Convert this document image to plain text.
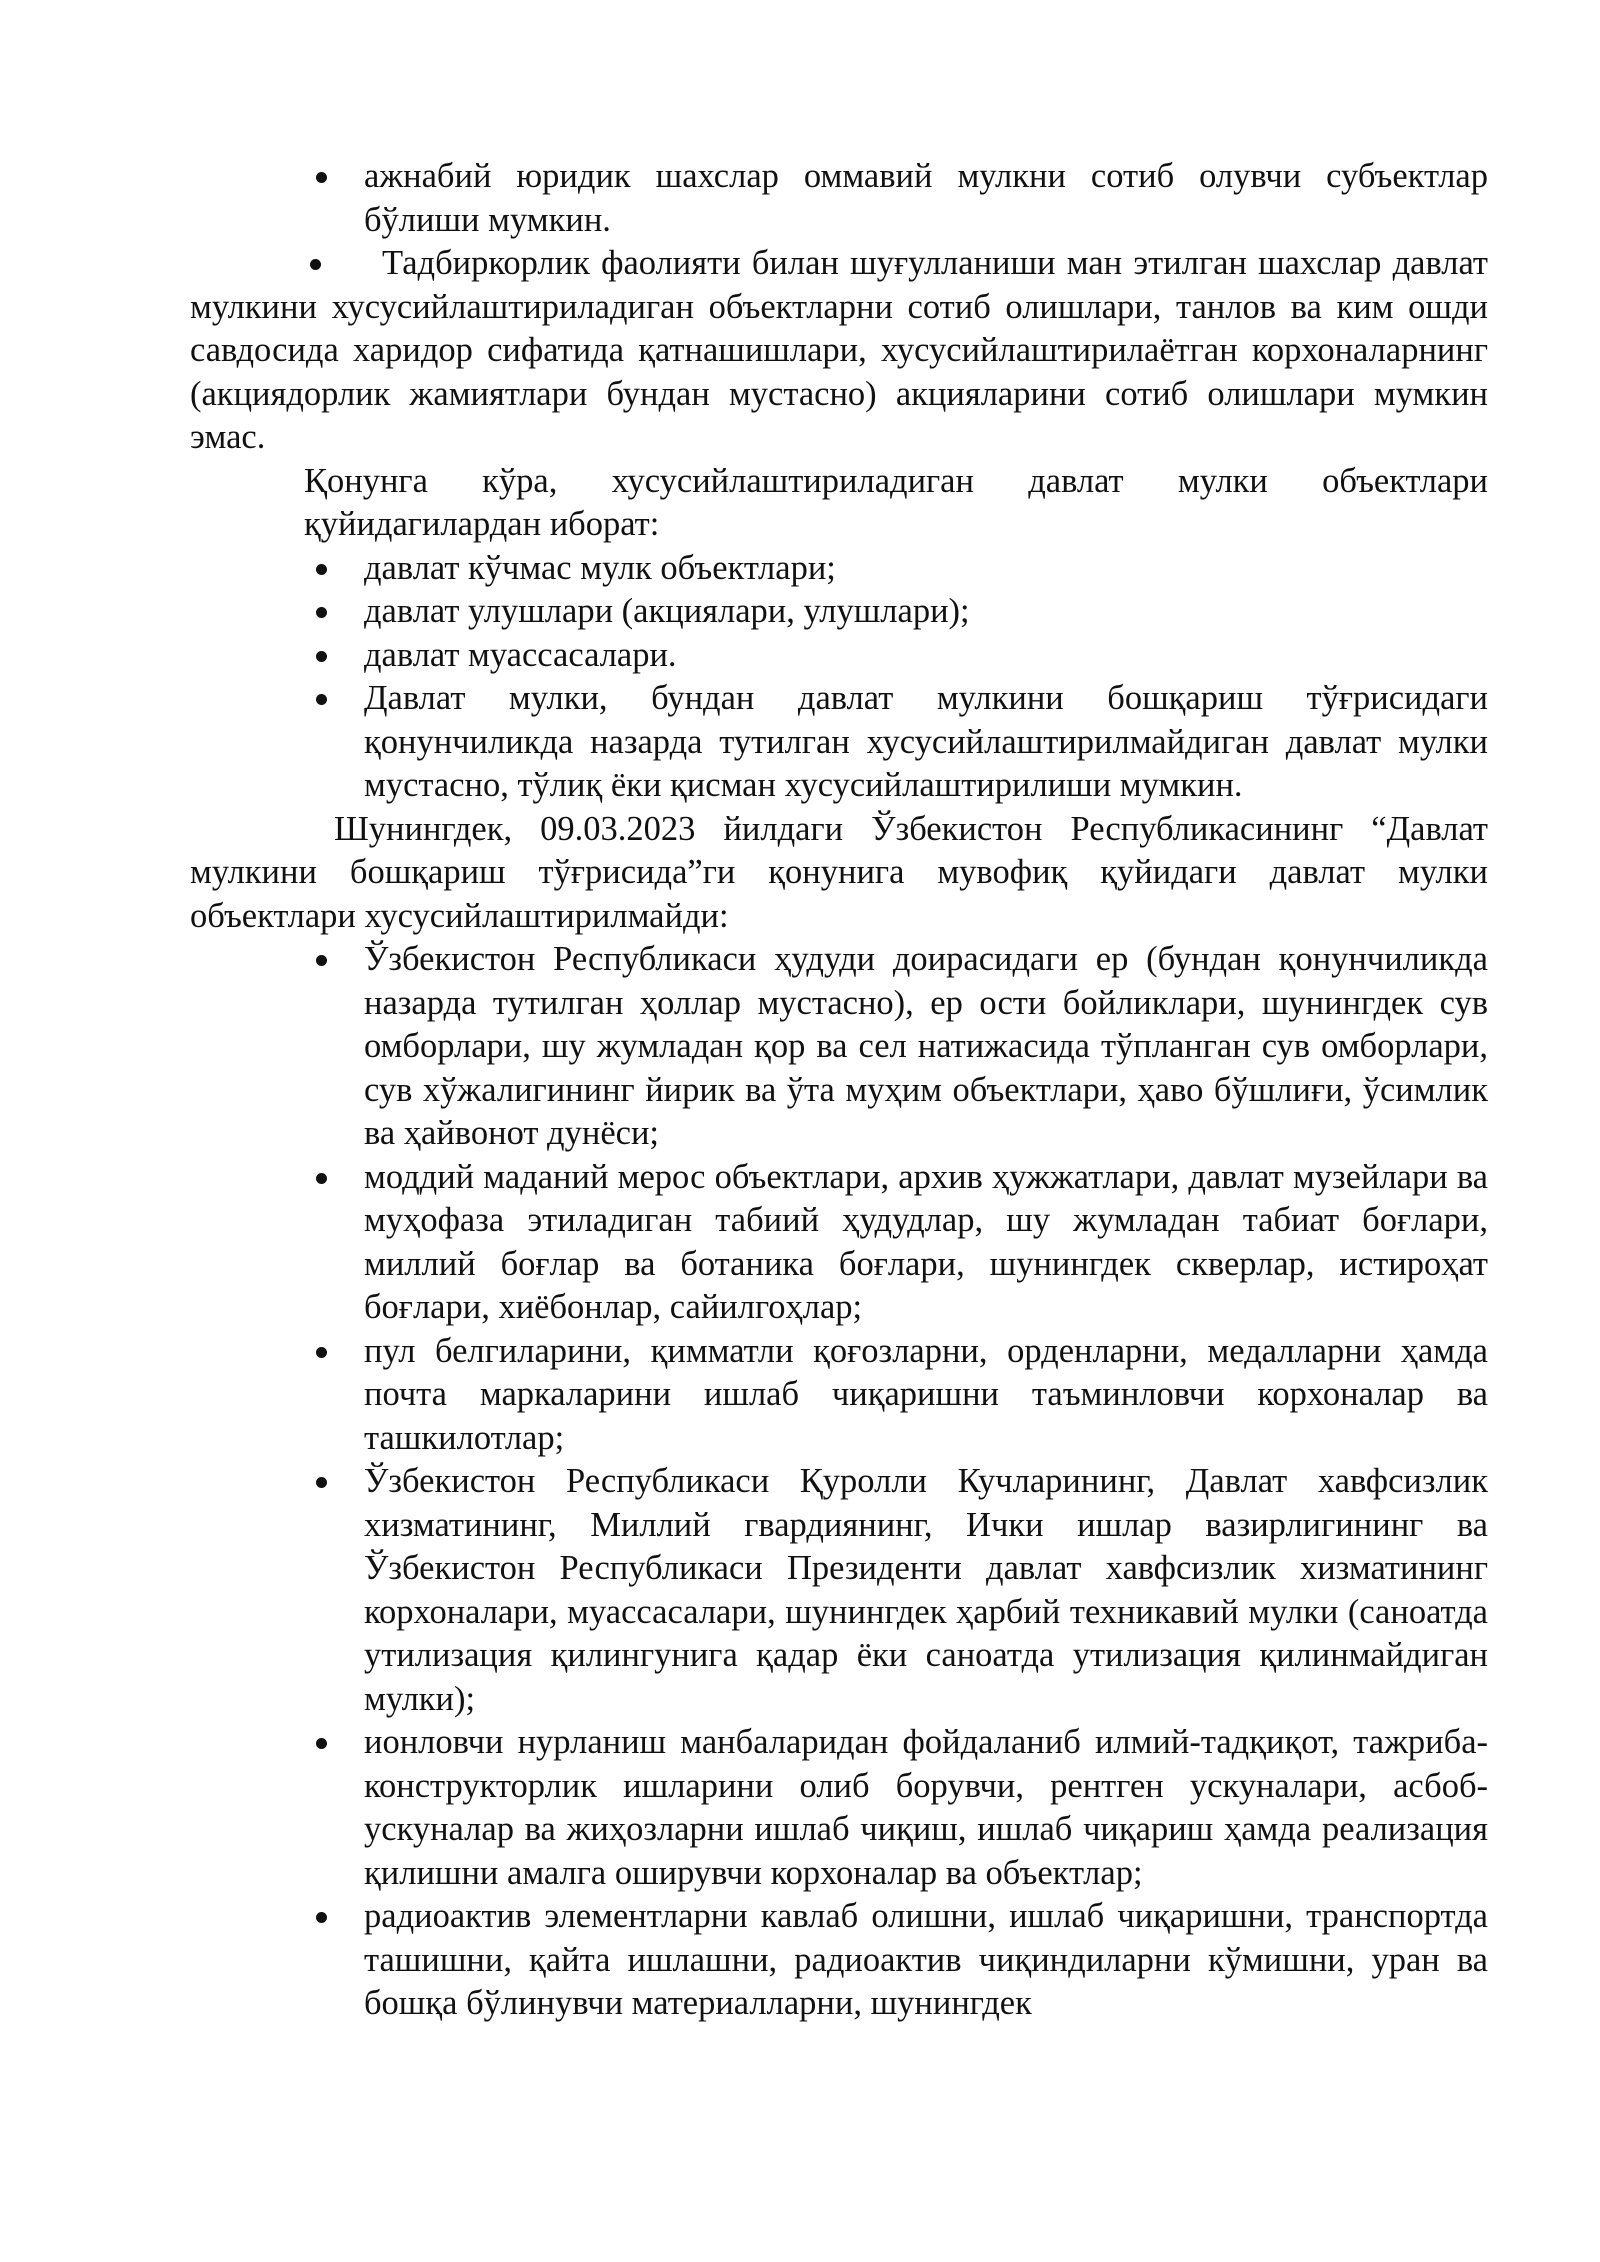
ажнабий юридик шахслар оммавий мулкни сотиб олувчи субъектлар бўлиши мумкин.

Тадбиркорлик фаолияти билан шуғулланиши ман этилган шахслар давлат мулкини хусусийлаштириладиган объектларни сотиб олишлари, танлов ва ким ошди савдосида харидор сифатида қатнашишлари, хусусийлаштирилаётган корхоналарнинг (акциядорлик жамиятлари бундан мустасно) акцияларини сотиб олишлари мумкин эмас.

Қонунга кўра, хусусийлаштириладиган давлат мулки объектлари қуйидагилардан иборат:

давлат кўчмас мулк объектлари;
давлат улушлари (акциялари, улушлари);
давлат муассасалари.
Давлат мулки, бундан давлат мулкини бошқариш тўғрисидаги қонунчиликда назарда тутилган хусусийлаштирилмайдиган давлат мулки мустасно, тўлиқ ёки қисман хусусийлаштирилиши мумкин.

Шунингдек, 09.03.2023 йилдаги Ўзбекистон Республикасининг “Давлат мулкини бошқариш тўғрисида”ги қонунига мувофиқ қуйидаги давлат мулки объектлари хусусийлаштирилмайди:

Ўзбекистон Республикаси ҳудуди доирасидаги ер (бундан қонунчиликда назарда тутилган ҳоллар мустасно), ер ости бойликлари, шунингдек сув омборлари, шу жумладан қор ва сел натижасида тўпланган сув омборлари, сув хўжалигининг йирик ва ўта муҳим объектлари, ҳаво бўшлиғи, ўсимлик ва ҳайвонот дунёси;
моддий маданий мерос объектлари, архив ҳужжатлари, давлат музейлари ва муҳофаза этиладиган табиий ҳудудлар, шу жумладан табиат боғлари, миллий боғлар ва ботаника боғлари, шунингдек скверлар, истироҳат боғлари, хиёбонлар, сайилгоҳлар;
пул белгиларини, қимматли қоғозларни, орденларни, медалларни ҳамда почта маркаларини ишлаб чиқаришни таъминловчи корхоналар ва ташкилотлар;
Ўзбекистон Республикаси Қуролли Кучларининг, Давлат хавфсизлик хизматининг, Миллий гвардиянинг, Ички ишлар вазирлигининг ва Ўзбекистон Республикаси Президенти давлат хавфсизлик хизматининг корхоналари, муассасалари, шунингдек ҳарбий техникавий мулки (саноатда утилизация қилингунига қадар ёки саноатда утилизация қилинмайдиган мулки);
ионловчи нурланиш манбаларидан фойдаланиб илмий-тадқиқот, тажриба-конструкторлик ишларини олиб борувчи, рентген ускуналари, асбоб-ускуналар ва жиҳозларни ишлаб чиқиш, ишлаб чиқариш ҳамда реализация қилишни амалга оширувчи корхоналар ва объектлар;
радиоактив элементларни кавлаб олишни, ишлаб чиқаришни, транспортда ташишни, қайта ишлашни, радиоактив чиқиндиларни кўмишни, уран ва бошқа бўлинувчи материалларни, шунингдек
